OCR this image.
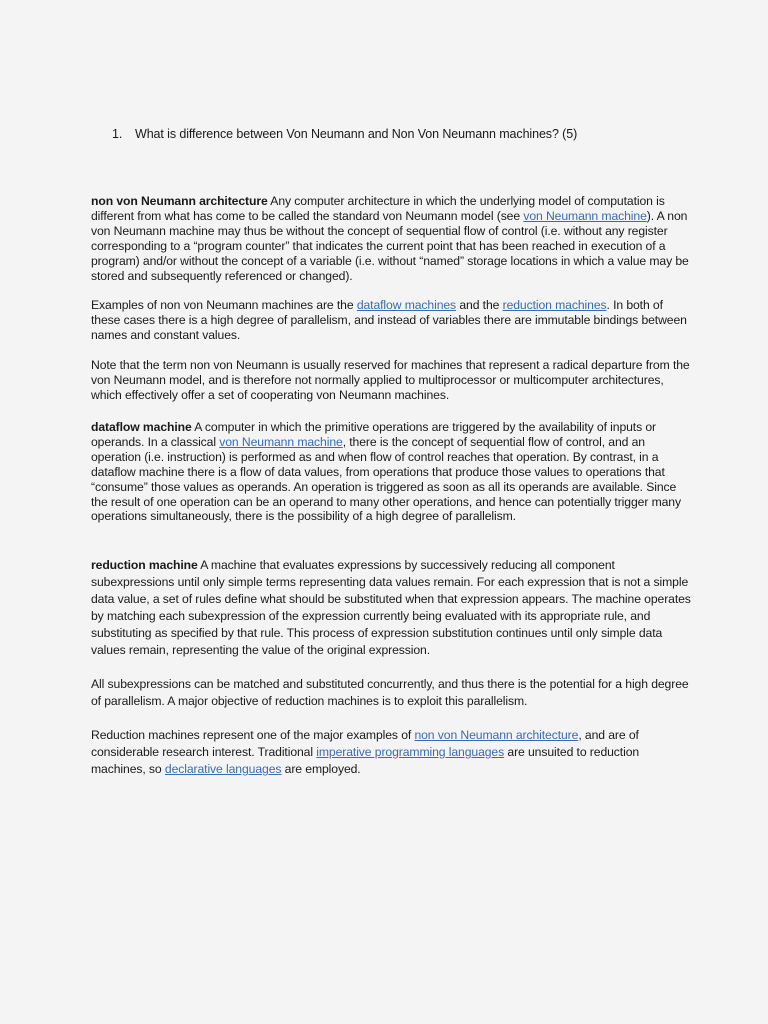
1. What is difference between Von Neumann and Non Von Neumann machines? (5)

non von Neumann architecture Any computer architecture in which the underlying model of computation is different from what has come to be called the standard von Neumann model (see von Neumann machine). A non von Neumann machine may thus be without the concept of sequential flow of control (i.e. without any register corresponding to a “program counter” that indicates the current point that has been reached in execution of a program) and/or without the concept of a variable (i.e. without “named” storage locations in which a value may be stored and subsequently referenced or changed).

Examples of non von Neumann machines are the dataflow machines and the reduction machines. In both of these cases there is a high degree of parallelism, and instead of variables there are immutable bindings between names and constant values.

Note that the term non von Neumann is usually reserved for machines that represent a radical departure from the von Neumann model, and is therefore not normally applied to multiprocessor or multicomputer architectures, which effectively offer a set of cooperating von Neumann machines.

dataflow machine A computer in which the primitive operations are triggered by the availability of inputs or operands. In a classical von Neumann machine, there is the concept of sequential flow of control, and an operation (i.e. instruction) is performed as and when flow of control reaches that operation. By contrast, in a dataflow machine there is a flow of data values, from operations that produce those values to operations that “consume” those values as operands. An operation is triggered as soon as all its operands are available. Since the result of one operation can be an operand to many other operations, and hence can potentially trigger many operations simultaneously, there is the possibility of a high degree of parallelism.

reduction machine A machine that evaluates expressions by successively reducing all component subexpressions until only simple terms representing data values remain. For each expression that is not a simple data value, a set of rules define what should be substituted when that expression appears. The machine operates by matching each subexpression of the expression currently being evaluated with its appropriate rule, and substituting as specified by that rule. This process of expression substitution continues until only simple data values remain, representing the value of the original expression.

All subexpressions can be matched and substituted concurrently, and thus there is the potential for a high degree of parallelism. A major objective of reduction machines is to exploit this parallelism.

Reduction machines represent one of the major examples of non von Neumann architecture, and are of considerable research interest. Traditional imperative programming languages are unsuited to reduction machines, so declarative languages are employed.
